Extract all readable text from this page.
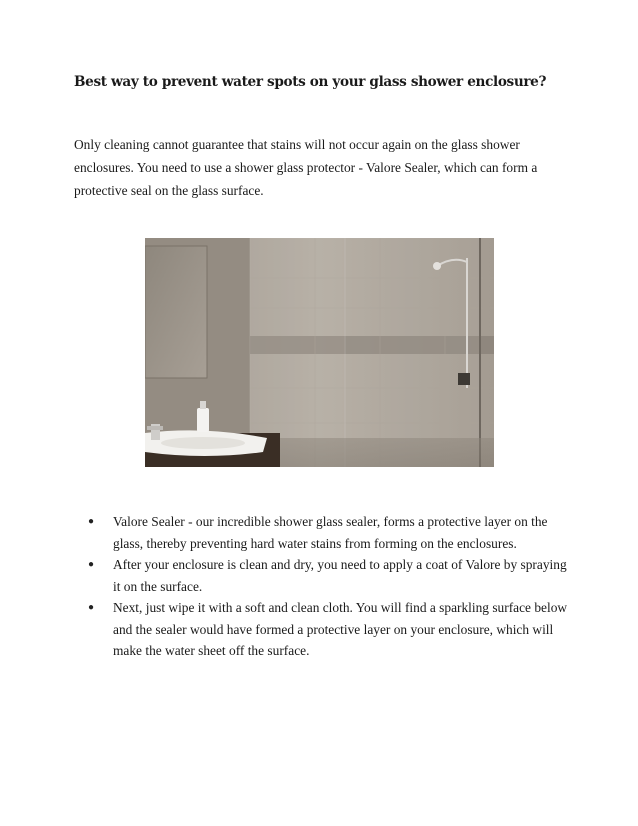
Best way to prevent water spots on your glass shower enclosure?
Only cleaning cannot guarantee that stains will not occur again on the glass shower enclosures. You need to use a shower glass protector - Valore Sealer, which can form a protective seal on the glass surface.
● Valore Sealer - our incredible shower glass sealer, forms a protective layer on the glass, thereby preventing hard water stains from forming on the enclosures.
● After your enclosure is clean and dry, you need to apply a coat of Valore by spraying it on the surface.
● Next, just wipe it with a soft and clean cloth. You will find a sparkling surface below and the sealer would have formed a protective layer on your enclosure, which will make the water sheet off the surface.
